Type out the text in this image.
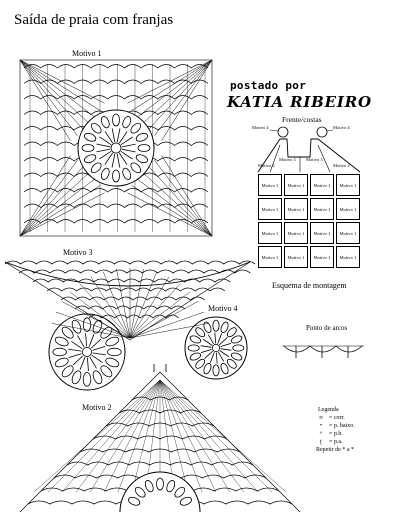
Saída de praia com franjas
Motivo 1
Motivo 3
Motivo 4
Motivo 2
postado por
KATIA RIBEIRO
Frente/costas
Esquema de montagem
Ponto de arcos
Motivo 4	Motivo 4
Motivo 1 Motivo 1 Motivo 1 Motivo 1
Motivo 1 Motivo 1 Motivo 1 Motivo 1
Motivo 1 Motivo 1 Motivo 1 Motivo 1
Motivo 1 Motivo 1 Motivo 1 Motivo 1
Motivo 3 Motivo 3
Motivo 2	Motivo 2
Legenda
∞ = corr.
•	= p. baixo.
+	= p.b.
ʈ	= p.a.
Repetir de * a *
